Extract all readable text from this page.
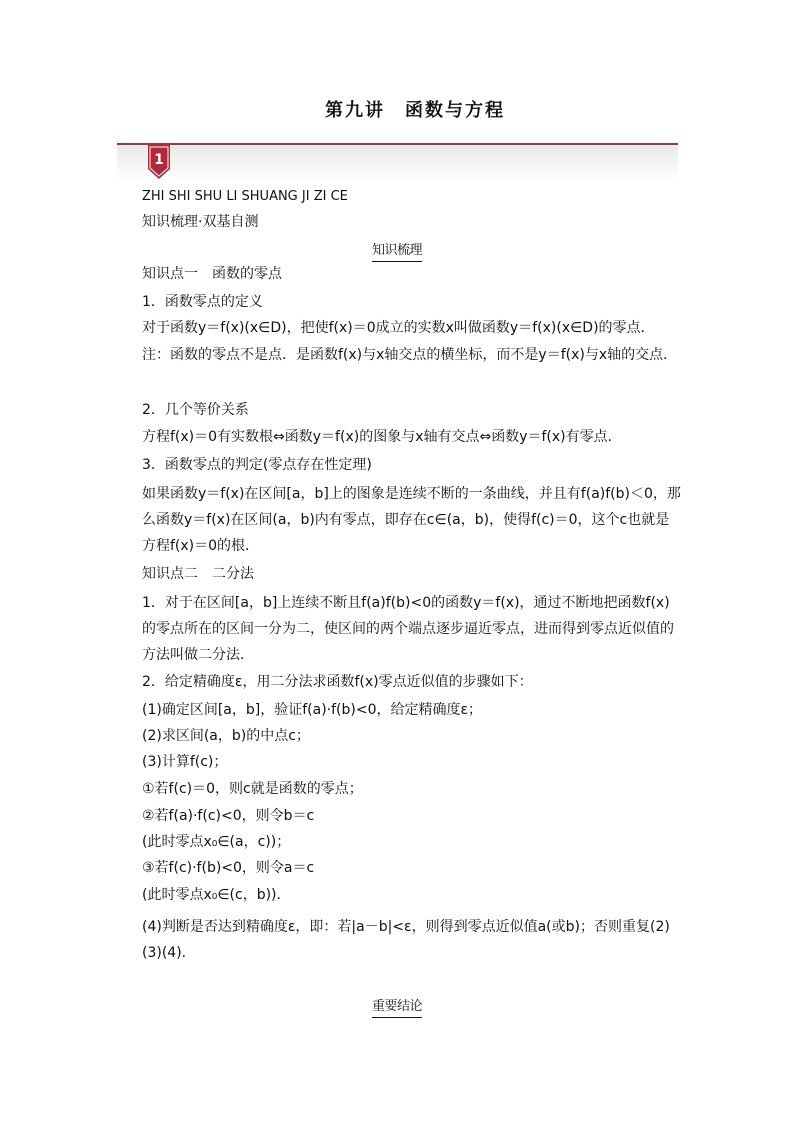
第九讲　函数与方程
1
ZHI SHI SHU LI SHUANG JI ZI CE
知识梳理·双基自测
知识梳理
知识点一　函数的零点
1．函数零点的定义
对于函数y＝f(x)(x∈D)，把使f(x)＝0成立的实数x叫做函数y＝f(x)(x∈D)的零点．
注：函数的零点不是点．是函数f(x)与x轴交点的横坐标，而不是y＝f(x)与x轴的交点．
2．几个等价关系
方程f(x)＝0有实数根⇔函数y＝f(x)的图象与x轴有交点⇔函数y＝f(x)有零点．
3．函数零点的判定(零点存在性定理)
如果函数y＝f(x)在区间[a，b]上的图象是连续不断的一条曲线，并且有f(a)f(b)＜0，那么函数y＝f(x)在区间(a，b)内有零点，即存在c∈(a，b)，使得f(c)＝0，这个c也就是方程f(x)＝0的根．
知识点二　二分法
1．对于在区间[a，b]上连续不断且f(a)f(b)<0的函数y＝f(x)，通过不断地把函数f(x)的零点所在的区间一分为二，使区间的两个端点逐步逼近零点，进而得到零点近似值的方法叫做二分法．
2．给定精确度ε，用二分法求函数f(x)零点近似值的步骤如下：
(1)确定区间[a，b]，验证f(a)·f(b)<0，给定精确度ε；
(2)求区间(a，b)的中点c；
(3)计算f(c)；
①若f(c)＝0，则c就是函数的零点；
②若f(a)·f(c)<0，则令b＝c
(此时零点x₀∈(a，c))；
③若f(c)·f(b)<0，则令a＝c
(此时零点x₀∈(c，b))．
(4)判断是否达到精确度ε，即：若|a－b|<ε，则得到零点近似值a(或b)；否则重复(2)(3)(4)．
重要结论
